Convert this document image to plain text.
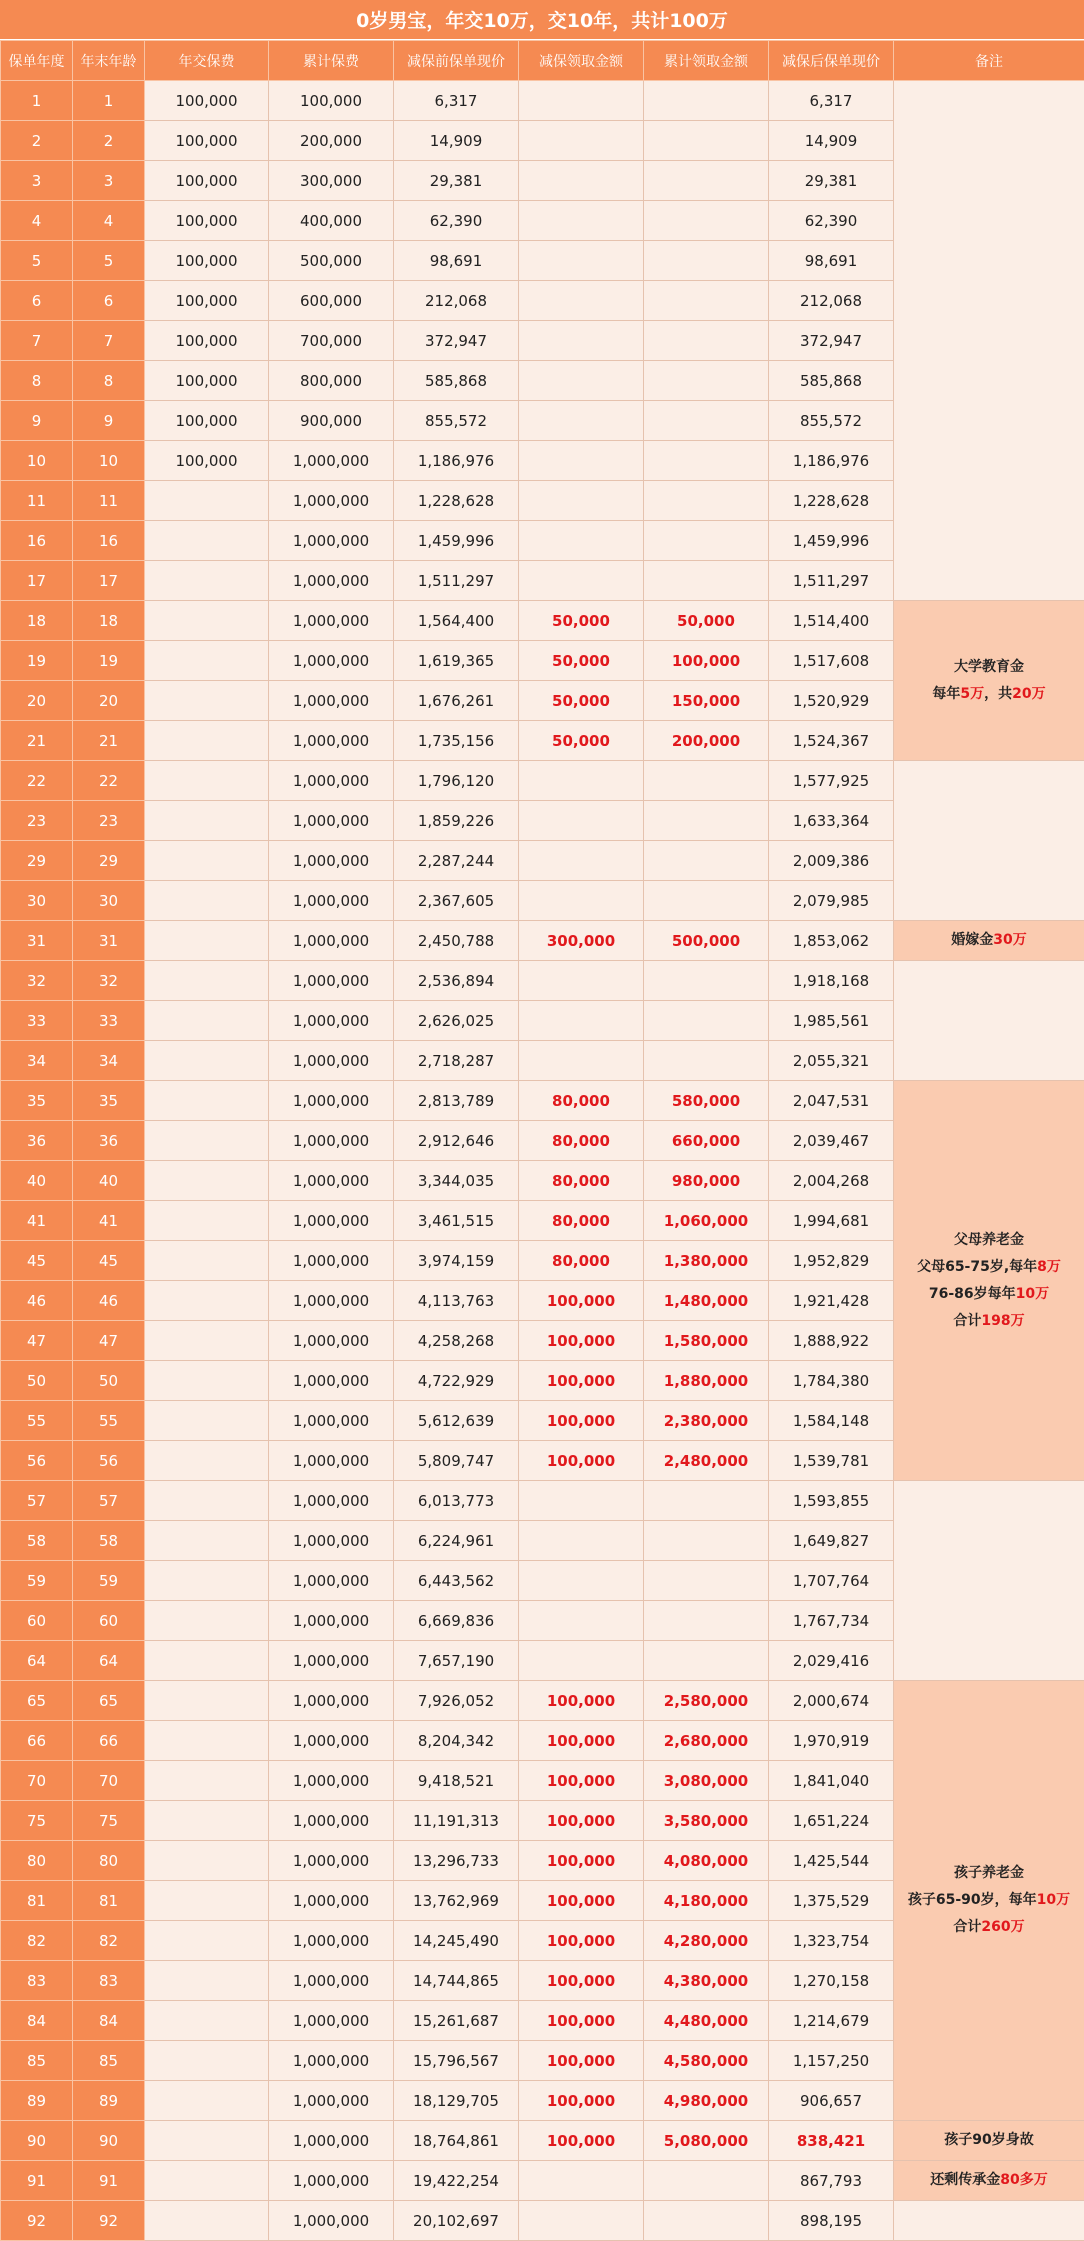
0岁男宝，年交10万，交10年，共计100万
保单年度	年末年龄	年交保费	累计保费	减保前保单现价	减保领取金额	累计领取金额	减保后保单现价	备注
1	1	100,000	100,000	6,317			6,317	
2	2	100,000	200,000	14,909			14,909	
3	3	100,000	300,000	29,381			29,381	
4	4	100,000	400,000	62,390			62,390	
5	5	100,000	500,000	98,691			98,691	
6	6	100,000	600,000	212,068			212,068	
7	7	100,000	700,000	372,947			372,947	
8	8	100,000	800,000	585,868			585,868	
9	9	100,000	900,000	855,572			855,572	
10	10	100,000	1,000,000	1,186,976			1,186,976	
11	11		1,000,000	1,228,628			1,228,628	
16	16		1,000,000	1,459,996			1,459,996	
17	17		1,000,000	1,511,297			1,511,297	
18	18		1,000,000	1,564,400	50,000	50,000	1,514,400	大学教育金
每年5万，共20万

19	19		1,000,000	1,619,365	50,000	100,000	1,517,608	
20	20		1,000,000	1,676,261	50,000	150,000	1,520,929	
21	21		1,000,000	1,735,156	50,000	200,000	1,524,367	
22	22		1,000,000	1,796,120			1,577,925	
23	23		1,000,000	1,859,226			1,633,364	
29	29		1,000,000	2,287,244			2,009,386	
30	30		1,000,000	2,367,605			2,079,985	
31	31		1,000,000	2,450,788	300,000	500,000	1,853,062	婚嫁金30万

32	32		1,000,000	2,536,894			1,918,168	
33	33		1,000,000	2,626,025			1,985,561	
34	34		1,000,000	2,718,287			2,055,321	
35	35		1,000,000	2,813,789	80,000	580,000	2,047,531	父母养老金
父母65-75岁,每年8万
76-86岁每年10万
合计198万

36	36		1,000,000	2,912,646	80,000	660,000	2,039,467	
40	40		1,000,000	3,344,035	80,000	980,000	2,004,268	
41	41		1,000,000	3,461,515	80,000	1,060,000	1,994,681	
45	45		1,000,000	3,974,159	80,000	1,380,000	1,952,829	
46	46		1,000,000	4,113,763	100,000	1,480,000	1,921,428	
47	47		1,000,000	4,258,268	100,000	1,580,000	1,888,922	
50	50		1,000,000	4,722,929	100,000	1,880,000	1,784,380	
55	55		1,000,000	5,612,639	100,000	2,380,000	1,584,148	
56	56		1,000,000	5,809,747	100,000	2,480,000	1,539,781	
57	57		1,000,000	6,013,773			1,593,855	
58	58		1,000,000	6,224,961			1,649,827	
59	59		1,000,000	6,443,562			1,707,764	
60	60		1,000,000	6,669,836			1,767,734	
64	64		1,000,000	7,657,190			2,029,416	
65	65		1,000,000	7,926,052	100,000	2,580,000	2,000,674	孩子养老金
孩子65-90岁，每年10万
合计260万

66	66		1,000,000	8,204,342	100,000	2,680,000	1,970,919	
70	70		1,000,000	9,418,521	100,000	3,080,000	1,841,040	
75	75		1,000,000	11,191,313	100,000	3,580,000	1,651,224	
80	80		1,000,000	13,296,733	100,000	4,080,000	1,425,544	
81	81		1,000,000	13,762,969	100,000	4,180,000	1,375,529	
82	82		1,000,000	14,245,490	100,000	4,280,000	1,323,754	
83	83		1,000,000	14,744,865	100,000	4,380,000	1,270,158	
84	84		1,000,000	15,261,687	100,000	4,480,000	1,214,679	
85	85		1,000,000	15,796,567	100,000	4,580,000	1,157,250	
89	89		1,000,000	18,129,705	100,000	4,980,000	906,657	
90	90		1,000,000	18,764,861	100,000	5,080,000	838,421	孩子90岁身故

91	91		1,000,000	19,422,254			867,793	还剩传承金80多万

92	92		1,000,000	20,102,697			898,195	
